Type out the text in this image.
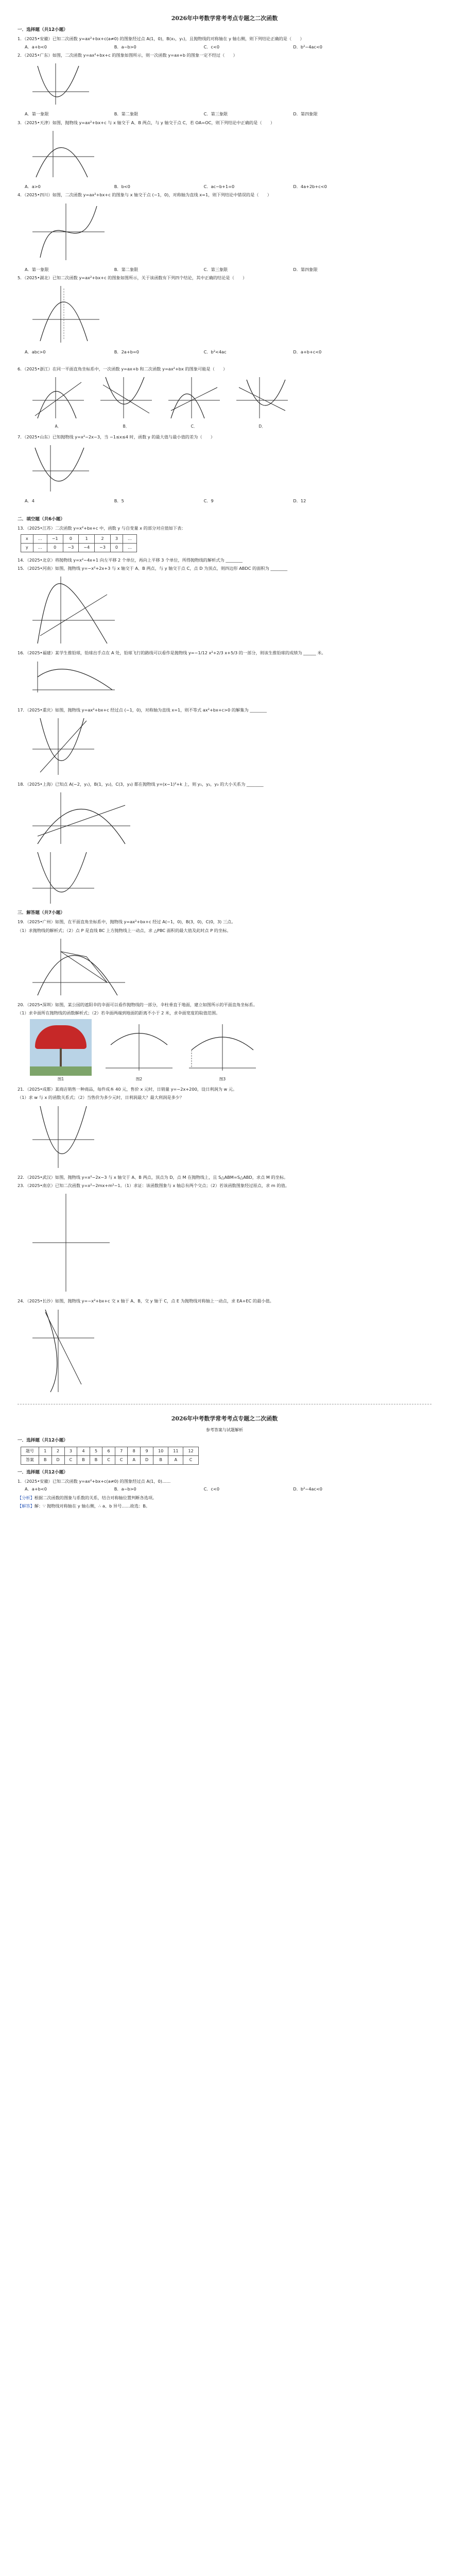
2026年中考数学常考考点专题之二次函数
一．选择题（共12小题）
1．（2025•安徽）已知二次函数 y=ax²+bx+c(a≠0) 的图象经过点 A(1，0)，B(x₁，y₁)，且抛物线的对称轴在 y 轴右侧，则下列结论正确的是（　　）
A．a+b<0	B．a−b>0	C．c<0	D．b²−4ac<0
2．（2025•广东）如图，二次函数 y=ax²+bx+c 的图象如图所示，则一次函数 y=ax+b 的图象一定不经过（　　）
A．第一象限	B．第二象限	C．第三象限	D．第四象限
3．（2025•天津）如图，抛物线 y=ax²+bx+c 与 x 轴交于 A、B 两点，与 y 轴交于点 C，若 OA=OC，则下列结论中正确的是（　　）
A．a>0	B．b<0	C．ac−b+1=0	D．4a+2b+c<0
4．（2025•四川）如图，二次函数 y=ax²+bx+c 的图象与 x 轴交于点 (−1，0)，对称轴为直线 x=1，则下列结论中错误的是（　　）
A．第一象限	B．第二象限	C．第三象限	D．第四象限
5．（2025•湖北）已知二次函数 y=ax²+bx+c 的图象如图所示，关于该函数有下列四个结论，其中正确的结论是（　　）
A．abc>0	B．2a+b=0	C．b²<4ac	D．a+b+c<0
6．（2025•浙江）在同一平面直角坐标系中，一次函数 y=ax+b 和二次函数 y=ax²+bx 的图象可能是（　　）
A．	B．	C．	D．
7．（2025•山东）已知抛物线 y=x²−2x−3，当 −1≤x≤4 时，函数 y 的最大值与最小值的差为（　　）
A．4	B．5	C．9	D．12
二．填空题（共6小题）
13．（2025•江苏）二次函数 y=x²+bx+c 中，函数 y 与自变量 x 的部分对应值如下表：
x	…	−1	0	1	2	3	…
y	…	0	−3	−4	−3	0	…
14．（2025•北京）将抛物线 y=x²−4x+1 向左平移 2 个单位，再向上平移 3 个单位，所得抛物线的解析式为 ________
15．（2025•河南）如图，抛物线 y=−x²+2x+3 与 x 轴交于 A、B 两点，与 y 轴交于点 C，点 D 为顶点，则四边形 ABDC 的面积为 ________
16．（2025•福建）某学生推铅球，铅球出手点在 A 处，铅球飞行的路线可以看作是抛物线 y=−1/12 x²+2/3 x+5/3 的一部分，则该生推铅球的成绩为 ______ 米。
17．（2025•重庆）如图，抛物线 y=ax²+bx+c 经过点 (−1，0)，对称轴为直线 x=1，则不等式 ax²+bx+c>0 的解集为 ________
18．（2025•上海）已知点 A(−2，y₁)，B(1，y₂)，C(3，y₃) 都在抛物线 y=(x−1)²+k 上，则 y₁，y₂，y₃ 的大小关系为 ________
三．解答题（共7小题）
19．（2025•广州）如图，在平面直角坐标系中，抛物线 y=ax²+bx+c 经过 A(−1，0)，B(3，0)，C(0，3) 三点。
（1）求抛物线的解析式；（2）点 P 是直线 BC 上方抛物线上一动点，求 △PBC 面积的最大值及此时点 P 的坐标。
20．（2025•深圳）如图，某公园的遮阳伞的伞面可以看作抛物线的一部分，伞柱垂直于地面，建立如图所示的平面直角坐标系。
（1）求伞面所在抛物线的函数解析式；（2）若伞面两端到地面的距离不小于 2 米，求伞面宽度的取值范围。
图1	图2	图3
21．（2025•成都）某商店销售一种商品，每件成本 40 元，售价 x 元时，日销量 y=−2x+200，设日利润为 w 元。
（1）求 w 与 x 的函数关系式；（2）当售价为多少元时，日利润最大？最大利润是多少？
22．（2025•武汉）如图，抛物线 y=x²−2x−3 与 x 轴交于 A、B 两点，顶点为 D，点 M 在抛物线上，且 S△ABM=S△ABD，求点 M 的坐标。
23．（2025•南京）已知二次函数 y=x²−2mx+m²−1。（1）求证：该函数图象与 x 轴总有两个交点；（2）若该函数图象经过原点，求 m 的值。
24．（2025•长沙）如图，抛物线 y=−x²+bx+c 交 x 轴于 A、B，交 y 轴于 C，点 E 为抛物线对称轴上一动点，求 EA+EC 的最小值。
2026年中考数学常考考点专题之二次函数
参考答案与试题解析
一．选择题（共12小题）
题号	1	2	3	4	5	6	7	8	9	10	11	12
答案	B	D	C	B	B	C	C	A	D	B	A	C
一．选择题（共12小题）
1．（2025•安徽）已知二次函数 y=ax²+bx+c(a≠0) 的图象经过点 A(1，0)……
A．a+b<0	B．a−b>0	C．c<0	D．b²−4ac<0
【分析】根据二次函数的图象与系数的关系，结合对称轴位置判断各选项。
【解答】解：∵ 抛物线对称轴在 y 轴右侧，∴ a、b 异号……故选：B。
